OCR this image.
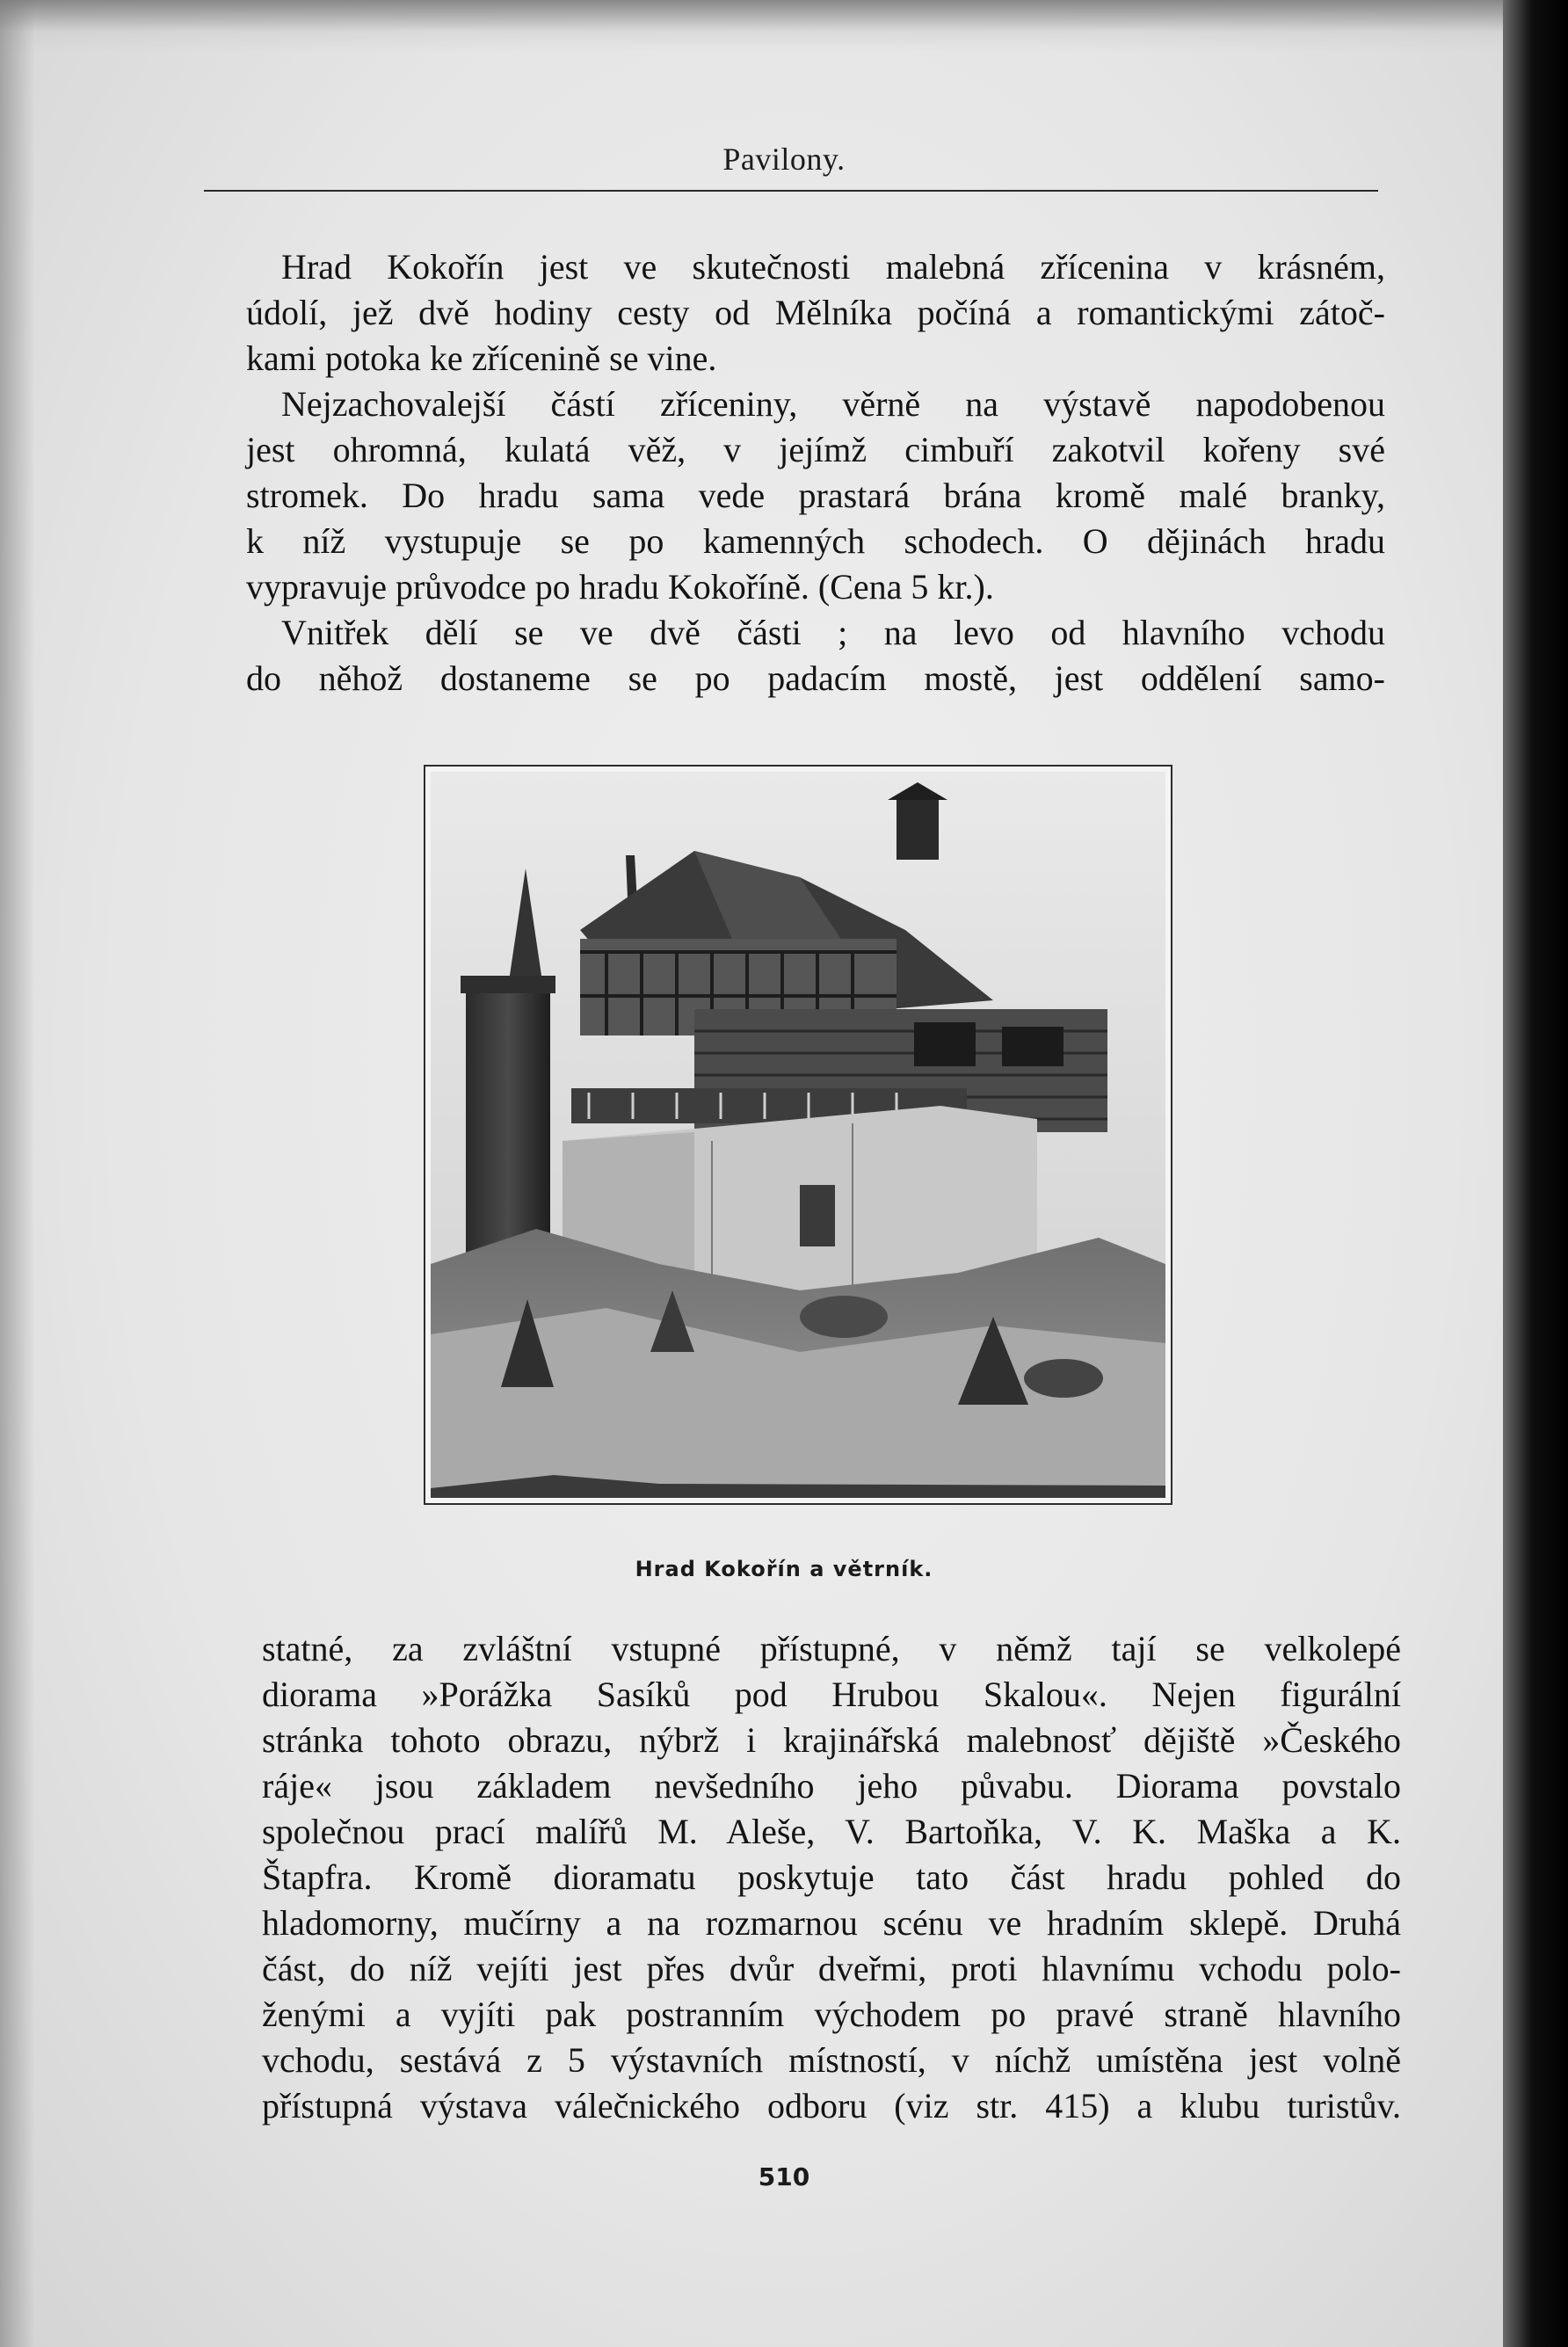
Pavilony.
Hrad Kokořín jest ve skutečnosti malebná zřícenina v krásném,
údolí, jež dvě hodiny cesty od Mělníka počíná a romantickými zátoč-
kami potoka ke zřícenině se vine.
Nejzachovalejší částí zříceniny, věrně na výstavě napodobenou
jest ohromná, kulatá věž, v jejímž cimbuří zakotvil kořeny své
stromek. Do hradu sama vede prastará brána kromě malé branky,
k níž vystupuje se po kamenných schodech. O dějinách hradu
vypravuje průvodce po hradu Kokoříně. (Cena 5 kr.).
Vnitřek dělí se ve dvě části ; na levo od hlavního vchodu
do něhož dostaneme se po padacím mostě, jest oddělení samo-
Hrad Kokořín a větrník.
statné, za zvláštní vstupné přístupné, v němž tají se velkolepé
diorama »Porážka Sasíků pod Hrubou Skalou«. Nejen figurální
stránka tohoto obrazu, nýbrž i krajinářská malebnosť dějiště »Českého
ráje« jsou základem nevšedního jeho půvabu. Diorama povstalo
společnou prací malířů M. Aleše, V. Bartoňka, V. K. Maška a K.
Štapfra. Kromě dioramatu poskytuje tato část hradu pohled do
hladomorny, mučírny a na rozmarnou scénu ve hradním sklepě. Druhá
část, do níž vejíti jest přes dvůr dveřmi, proti hlavnímu vchodu polo-
ženými a vyjíti pak postranním východem po pravé straně hlavního
vchodu, sestává z 5 výstavních místností, v níchž umístěna jest volně
přístupná výstava válečnického odboru (viz str. 415) a klubu turistův.
510
